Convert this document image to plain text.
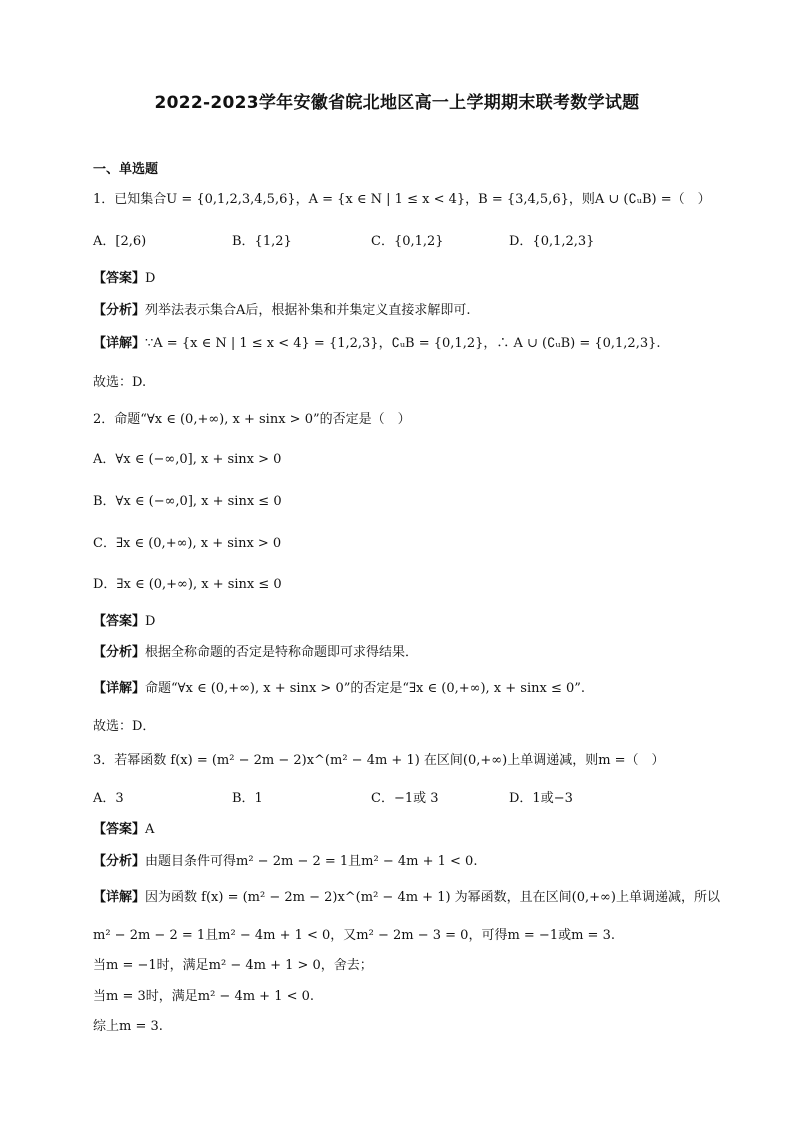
2022-2023学年安徽省皖北地区高一上学期期末联考数学试题
一、单选题
1．已知集合U = {0,1,2,3,4,5,6}，A = {x ∈ N | 1 ≤ x < 4}，B = {3,4,5,6}，则A ∪ (∁ᵤB) =（　）
A．[2,6)	B．{1,2}	C．{0,1,2}	D．{0,1,2,3}
【答案】D
【分析】列举法表示集合A后，根据补集和并集定义直接求解即可.
【详解】∵A = {x ∈ N | 1 ≤ x < 4} = {1,2,3}，∁ᵤB = {0,1,2}，∴ A ∪ (∁ᵤB) = {0,1,2,3}.
故选：D.
2．命题“∀x ∈ (0,+∞), x + sinx > 0”的否定是（　）
A．∀x ∈ (−∞,0], x + sinx > 0
B．∀x ∈ (−∞,0], x + sinx ≤ 0
C．∃x ∈ (0,+∞), x + sinx > 0
D．∃x ∈ (0,+∞), x + sinx ≤ 0
【答案】D
【分析】根据全称命题的否定是特称命题即可求得结果．
【详解】命题“∀x ∈ (0,+∞), x + sinx > 0”的否定是“∃x ∈ (0,+∞), x + sinx ≤ 0”.
故选：D．
3．若幂函数 f(x) = (m² − 2m − 2)x^(m² − 4m + 1) 在区间(0,+∞)上单调递减，则m =（　）
A．3	B．1	C．−1或 3	D．1或−3
【答案】A
【分析】由题目条件可得m² − 2m − 2 = 1且m² − 4m + 1 < 0.
【详解】因为函数 f(x) = (m² − 2m − 2)x^(m² − 4m + 1) 为幂函数，且在区间(0,+∞)上单调递减，所以
m² − 2m − 2 = 1且m² − 4m + 1 < 0，又m² − 2m − 3 = 0，可得m = −1或m = 3.
当m = −1时，满足m² − 4m + 1 > 0，舍去；
当m = 3时，满足m² − 4m + 1 < 0.
综上m = 3.
